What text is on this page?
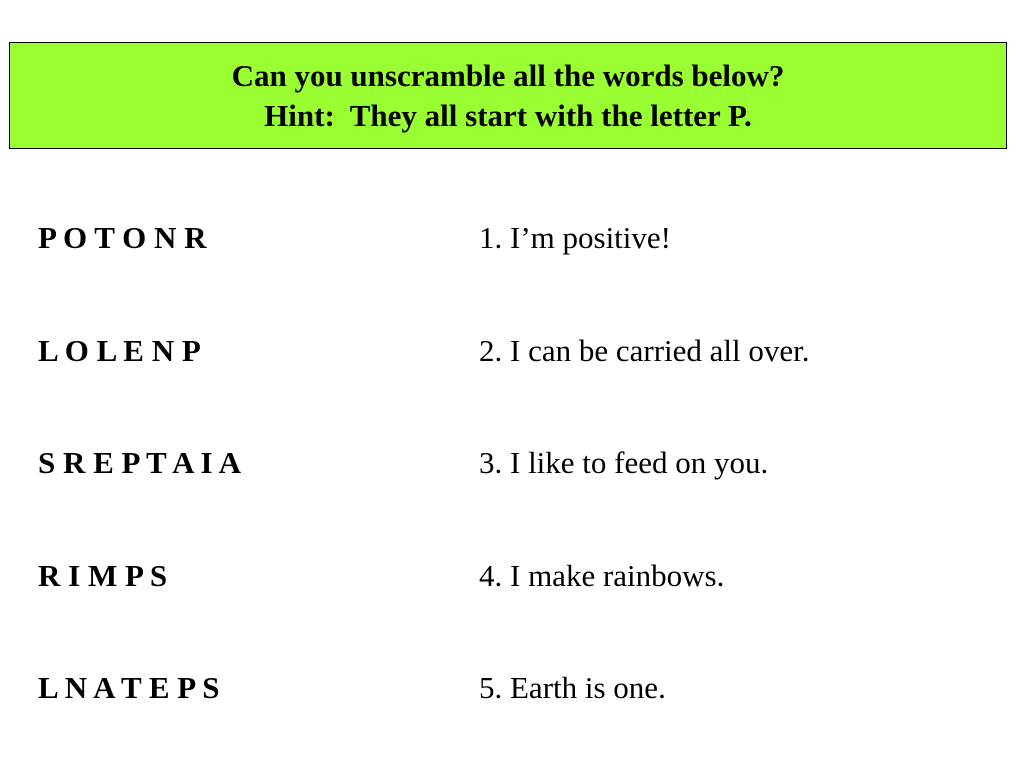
Can you unscramble all the words below?
Hint:  They all start with the letter P.
P O T O N R	1. I’m positive!
L O L E N P	2. I can be carried all over.
S R E P T A I A	3. I like to feed on you.
R I M P S	4. I make rainbows.
L N A T E P S	5. Earth is one.
